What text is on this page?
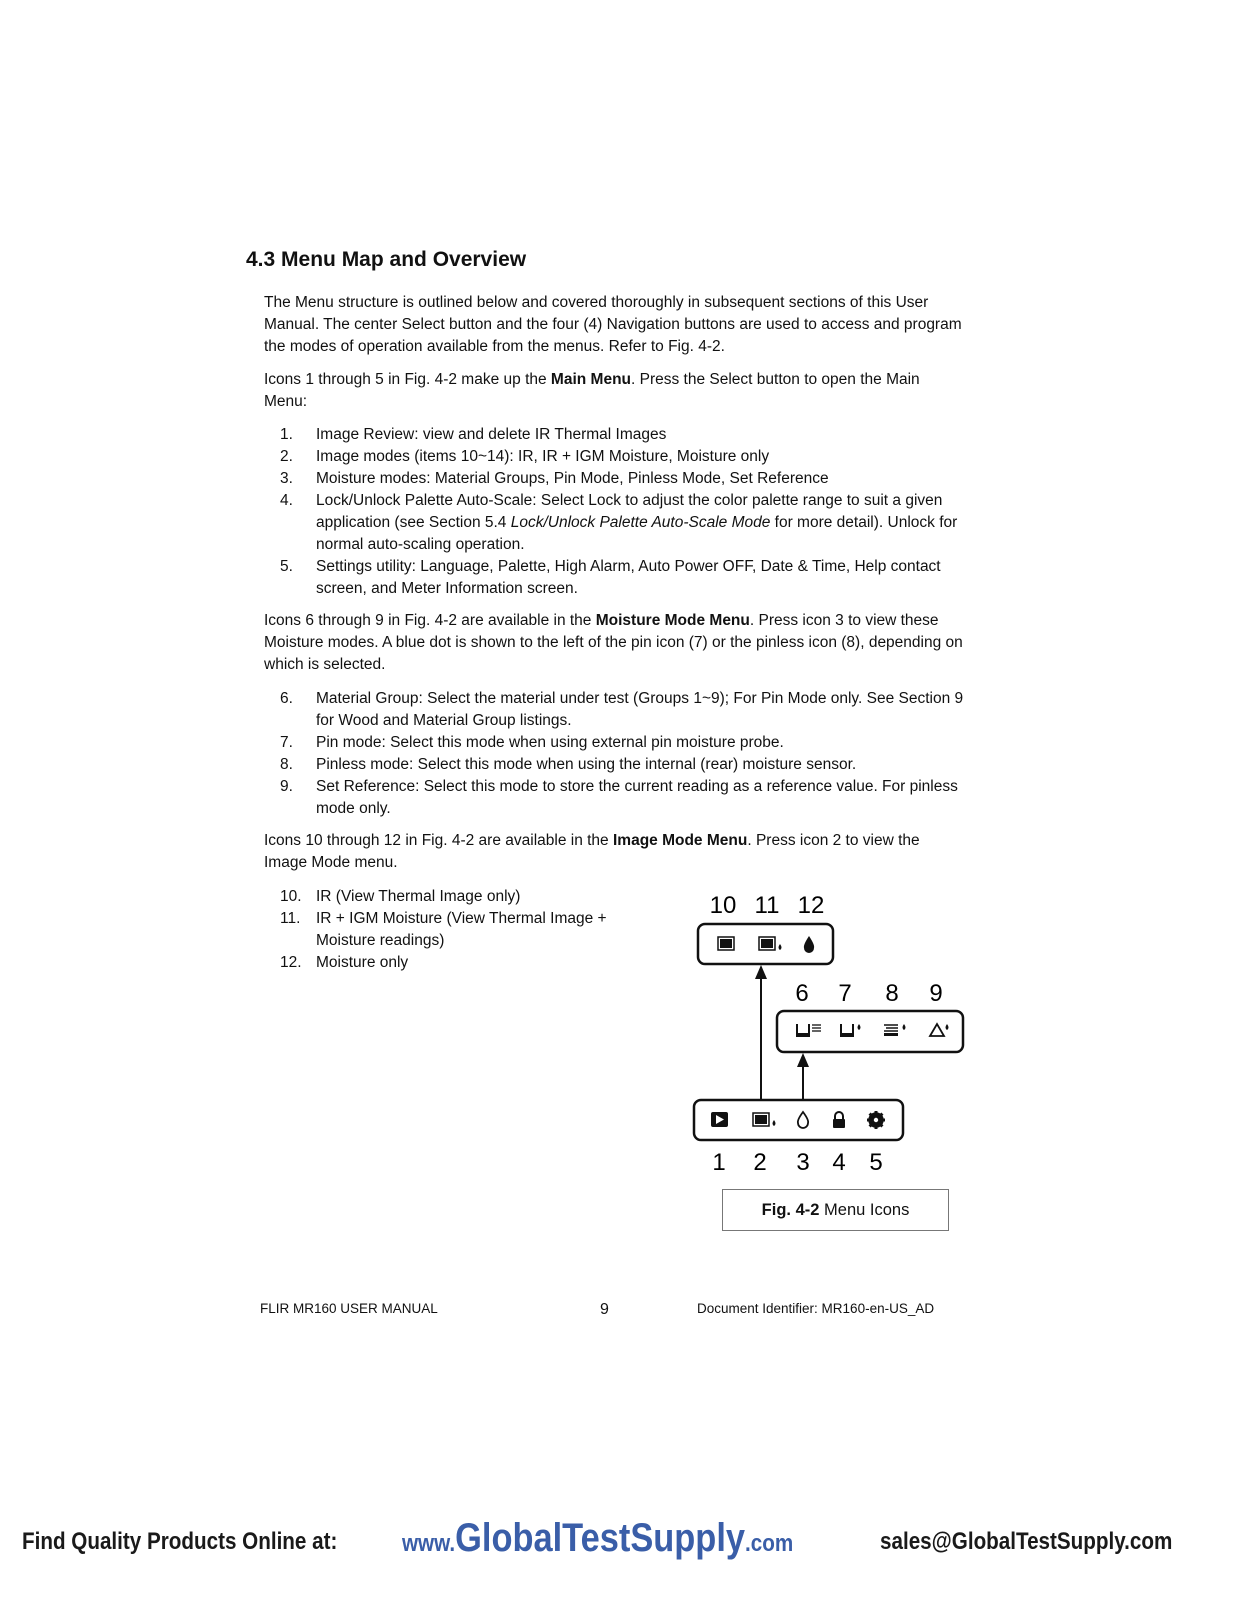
4.3 Menu Map and Overview

The Menu structure is outlined below and covered thoroughly in subsequent sections of this User Manual. The center Select button and the four (4) Navigation buttons are used to access and program the modes of operation available from the menus. Refer to Fig. 4-2.

Icons 1 through 5 in Fig. 4-2 make up the Main Menu. Press the Select button to open the Main Menu:

1.	Image Review: view and delete IR Thermal Images
2.	Image modes (items 10~14): IR, IR + IGM Moisture, Moisture only
3.	Moisture modes: Material Groups, Pin Mode, Pinless Mode, Set Reference
4.	Lock/Unlock Palette Auto-Scale: Select Lock to adjust the color palette range to suit a given application (see Section 5.4 Lock/Unlock Palette Auto-Scale Mode for more detail). Unlock for normal auto-scaling operation.
5.	Settings utility: Language, Palette, High Alarm, Auto Power OFF, Date & Time, Help contact screen, and Meter Information screen.

Icons 6 through 9 in Fig. 4-2 are available in the Moisture Mode Menu. Press icon 3 to view these Moisture modes. A blue dot is shown to the left of the pin icon (7) or the pinless icon (8), depending on which is selected.

6.	Material Group: Select the material under test (Groups 1~9); For Pin Mode only. See Section 9 for Wood and Material Group listings.
7.	Pin mode: Select this mode when using external pin moisture probe.
8.	Pinless mode: Select this mode when using the internal (rear) moisture sensor.
9.	Set Reference: Select this mode to store the current reading as a reference value. For pinless mode only.

Icons 10 through 12 in Fig. 4-2 are available in the Image Mode Menu. Press icon 2 to view the Image Mode menu.

10. IR (View Thermal Image only)
11.	IR + IGM Moisture (View Thermal Image + Moisture readings)
12. Moisture only
10 11 12
6 7 8 9
1 2 3 4 5
Fig. 4-2 Menu Icons
FLIR MR160 USER MANUAL	9	Document Identifier: MR160-en-US_AD
Find Quality Products Online at:	www.GlobalTestSupply.com	sales@GlobalTestSupply.com
